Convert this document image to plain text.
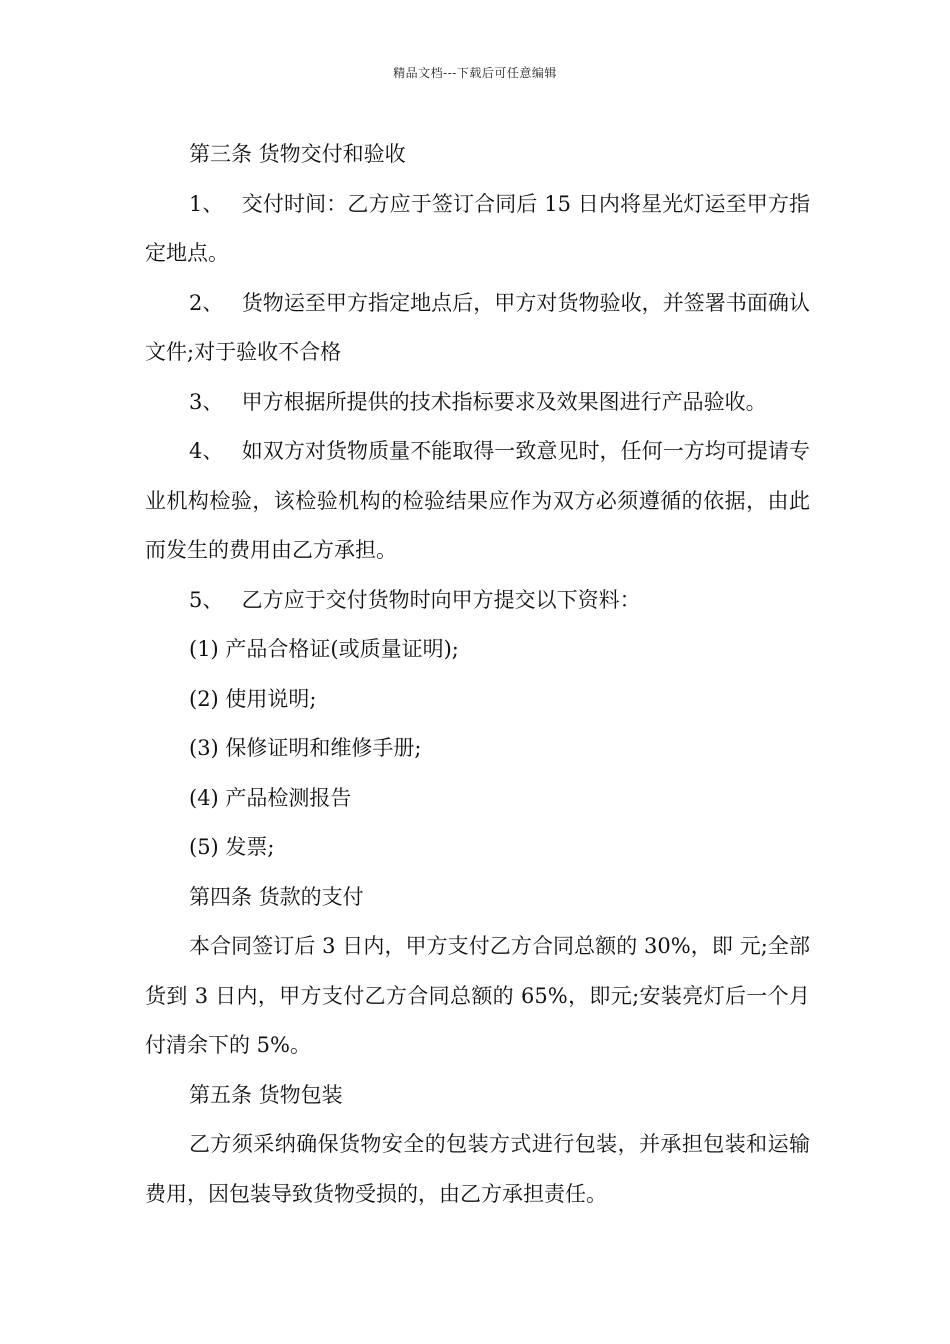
精品文档---下载后可任意编辑

第三条 货物交付和验收

1、 交付时间：乙方应于签订合同后 15 日内将星光灯运至甲方指定地点。

2、 货物运至甲方指定地点后，甲方对货物验收，并签署书面确认文件;对于验收不合格

3、 甲方根据所提供的技术指标要求及效果图进行产品验收。

4、 如双方对货物质量不能取得一致意见时，任何一方均可提请专业机构检验，该检验机构的检验结果应作为双方必须遵循的依据，由此而发生的费用由乙方承担。

5、 乙方应于交付货物时向甲方提交以下资料：

(1) 产品合格证(或质量证明);

(2) 使用说明;

(3) 保修证明和维修手册;

(4) 产品检测报告

(5) 发票;

第四条 货款的支付

本合同签订后 3 日内，甲方支付乙方合同总额的 30%，即 元;全部货到 3 日内，甲方支付乙方合同总额的 65%，即元;安装亮灯后一个月付清余下的 5%。

第五条 货物包装

乙方须采纳确保货物安全的包装方式进行包装，并承担包装和运输费用，因包装导致货物受损的，由乙方承担责任。
